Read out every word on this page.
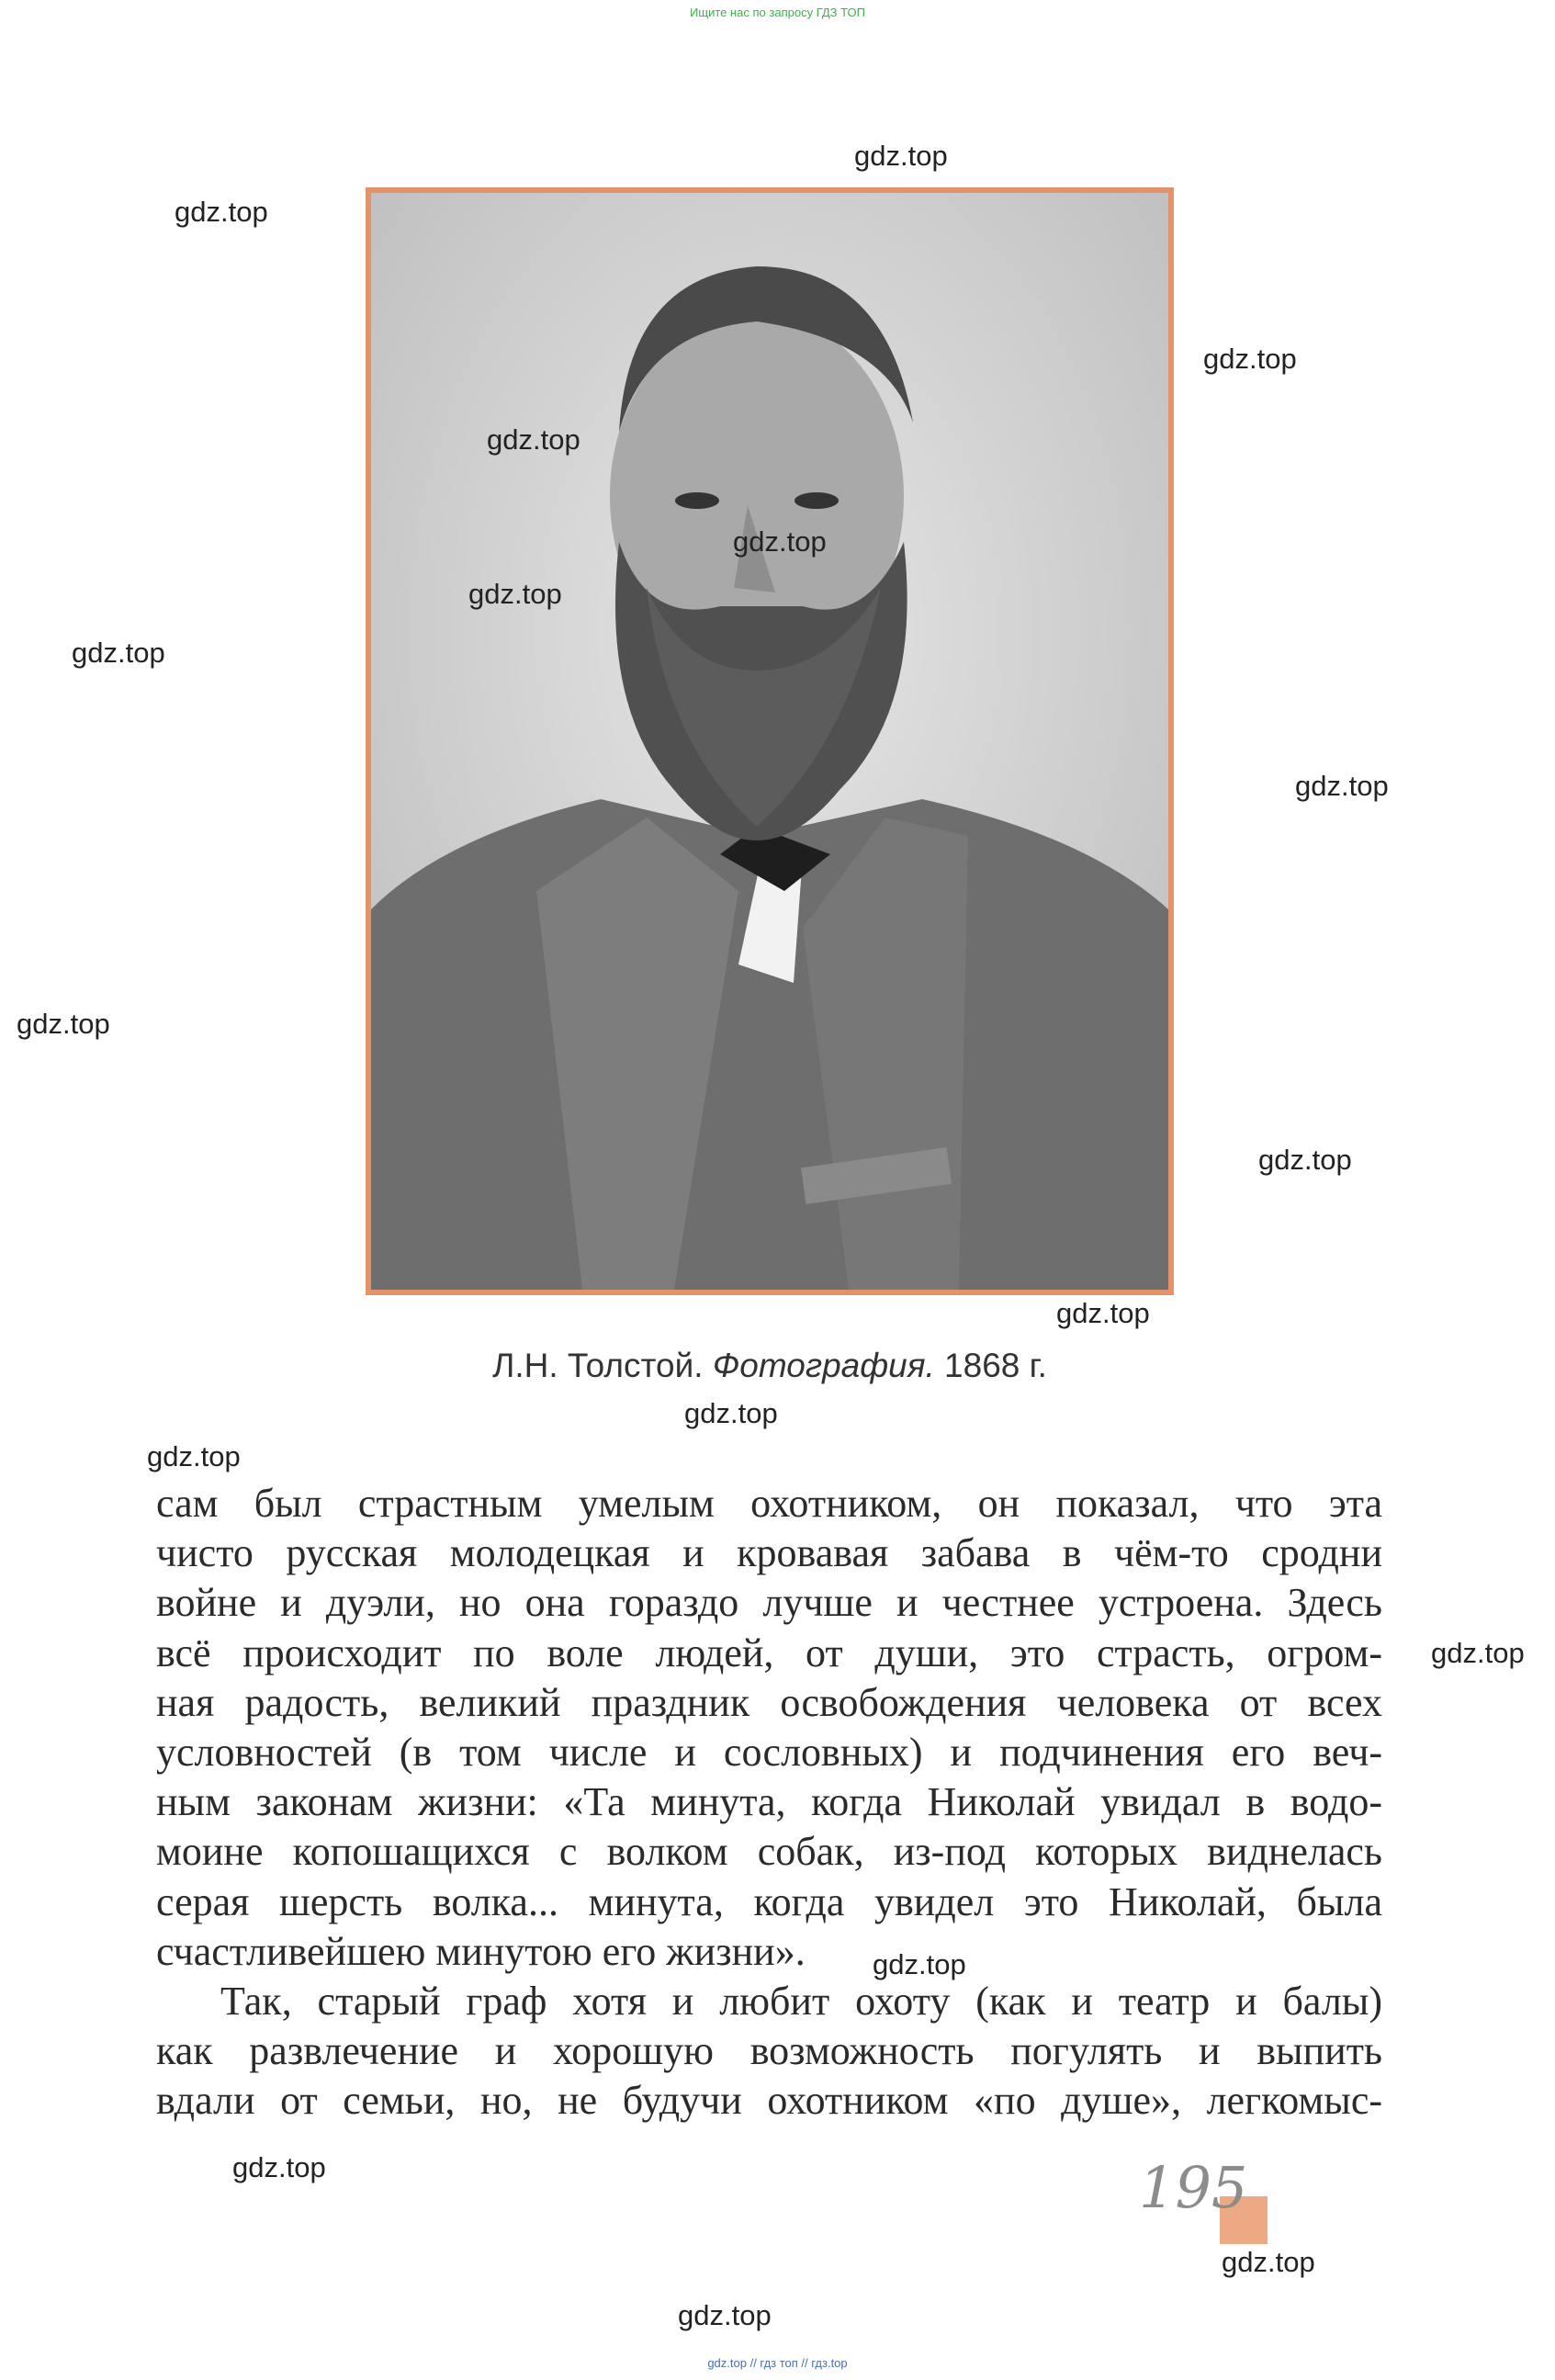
Ищите нас по запросу ГДЗ ТОП
Л.Н. Толстой. Фотография. 1868 г.
сам был страстным умелым охотником, он показал, что эта
чисто русская молодецкая и кровавая забава в чём-то сродни
войне и дуэли, но она гораздо лучше и честнее устроена. Здесь
всё происходит по воле людей, от души, это страсть, огром-
ная радость, великий праздник освобождения человека от всех
условностей (в том числе и сословных) и подчинения его веч-
ным законам жизни: «Та минута, когда Николай увидал в водо-
моине копошащихся с волком собак, из-под которых виднелась
серая шерсть волка... минута, когда увидел это Николай, была
счастливейшею минутою его жизни».
Так, старый граф хотя и любит охоту (как и театр и балы)
как развлечение и хорошую возможность погулять и выпить
вдали от семьи, но, не будучи охотником «по душе», легкомыс-
195
gdz.top
gdz.top
gdz.top
gdz.top
gdz.top
gdz.top
gdz.top
gdz.top
gdz.top
gdz.top
gdz.top
gdz.top
gdz.top
gdz.top
gdz.top
gdz.top
gdz.top
gdz.top
gdz.top // гдз топ // гдз.top
